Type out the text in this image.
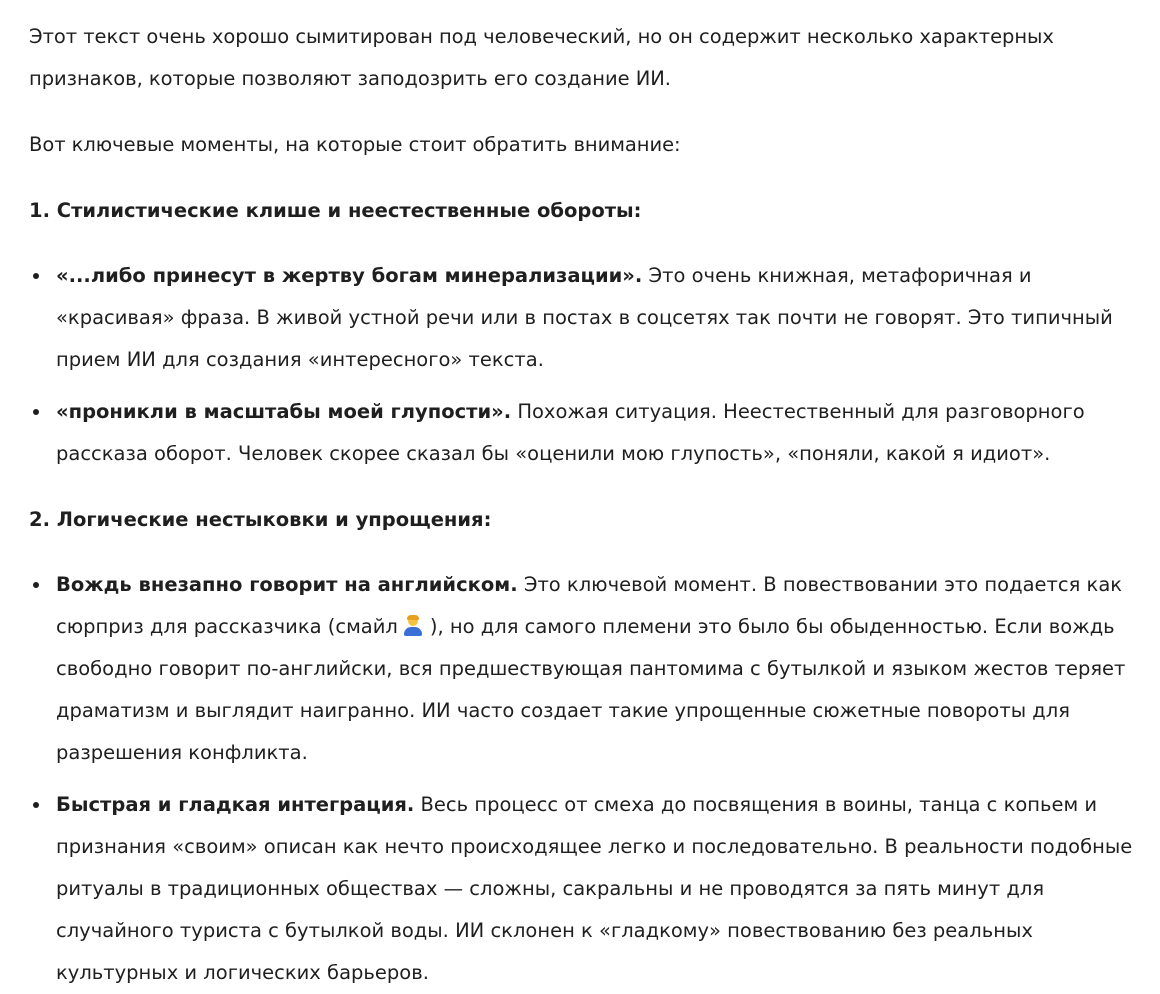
Этот текст очень хорошо сымитирован под человеческий, но он содержит несколько характерных признаков, которые позволяют заподозрить его создание ИИ.

Вот ключевые моменты, на которые стоит обратить внимание:

1. Стилистические клише и неестественные обороты:
«...либо принесут в жертву богам минерализации». Это очень книжная, метафоричная и «красивая» фраза. В живой устной речи или в постах в соцсетях так почти не говорят. Это типичный прием ИИ для создания «интересного» текста.
«проникли в масштабы моей глупости». Похожая ситуация. Неестественный для разговорного рассказа оборот. Человек скорее сказал бы «оценили мою глупость», «поняли, какой я идиот».
2. Логические нестыковки и упрощения:
Вождь внезапно говорит на английском. Это ключевой момент. В повествовании это подается как сюрприз для рассказчика (смайл ), но для самого племени это было бы обыденностью. Если вождь свободно говорит по-английски, вся предшествующая пантомима с бутылкой и языком жестов теряет драматизм и выглядит наигранно. ИИ часто создает такие упрощенные сюжетные повороты для разрешения конфликта.
Быстрая и гладкая интеграция. Весь процесс от смеха до посвящения в воины, танца с копьем и признания «своим» описан как нечто происходящее легко и последовательно. В реальности подобные ритуалы в традиционных обществах — сложны, сакральны и не проводятся за пять минут для случайного туриста с бутылкой воды. ИИ склонен к «гладкому» повествованию без реальных культурных и логических барьеров.
